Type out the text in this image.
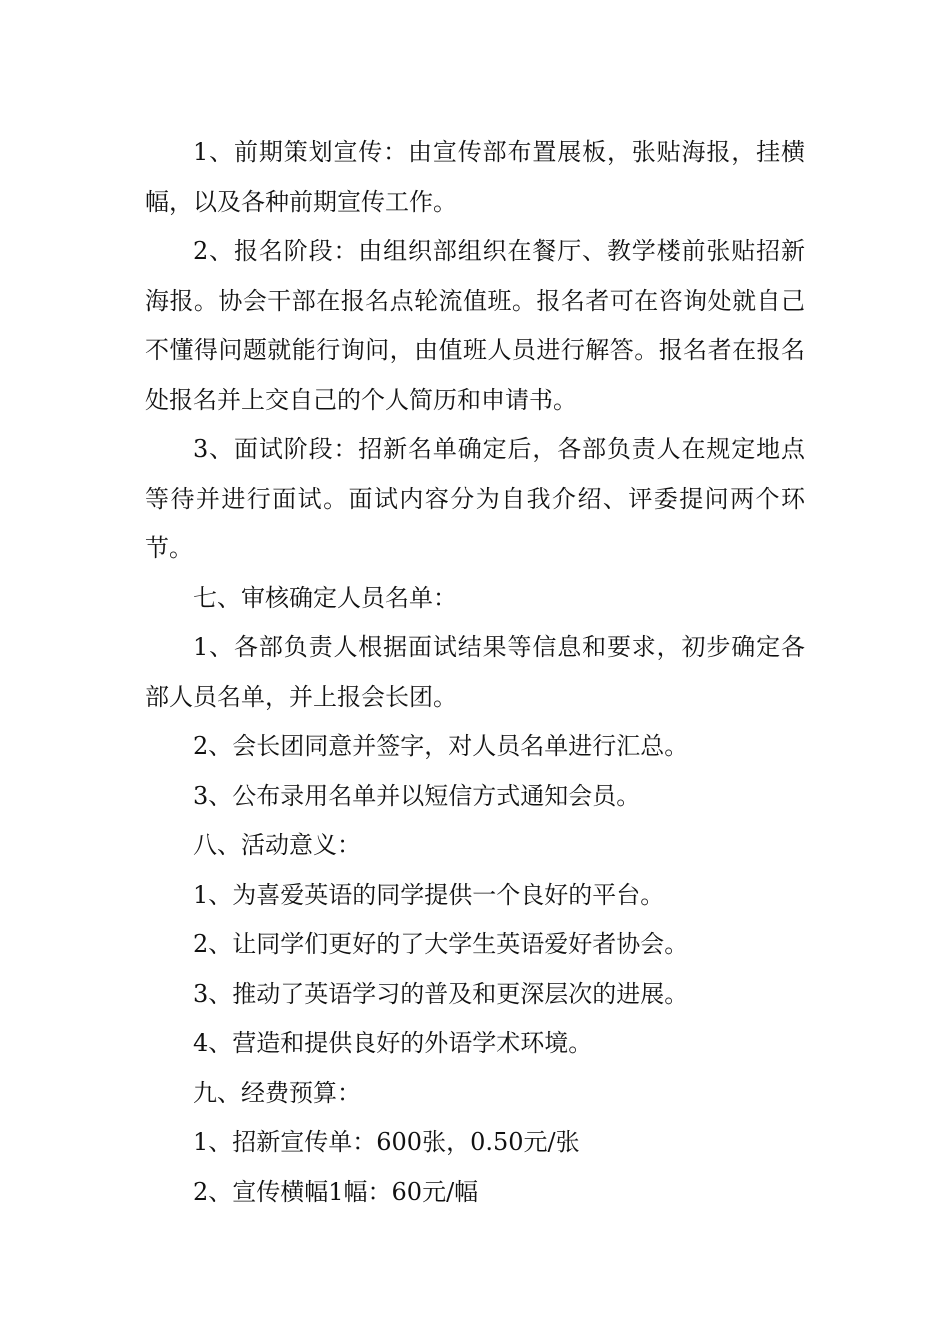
1、前期策划宣传：由宣传部布置展板，张贴海报，挂横幅，以及各种前期宣传工作。

2、报名阶段：由组织部组织在餐厅、教学楼前张贴招新海报。协会干部在报名点轮流值班。报名者可在咨询处就自己不懂得问题就能行询问，由值班人员进行解答。报名者在报名处报名并上交自己的个人简历和申请书。

3、面试阶段：招新名单确定后，各部负责人在规定地点等待并进行面试。面试内容分为自我介绍、评委提问两个环节。

七、审核确定人员名单：

1、各部负责人根据面试结果等信息和要求，初步确定各部人员名单，并上报会长团。

2、会长团同意并签字，对人员名单进行汇总。

3、公布录用名单并以短信方式通知会员。

八、活动意义：

1、为喜爱英语的同学提供一个良好的平台。

2、让同学们更好的了大学生英语爱好者协会。

3、推动了英语学习的普及和更深层次的进展。

4、营造和提供良好的外语学术环境。

九、经费预算：

1、招新宣传单：600张，0.50元/张

2、宣传横幅1幅：60元/幅
